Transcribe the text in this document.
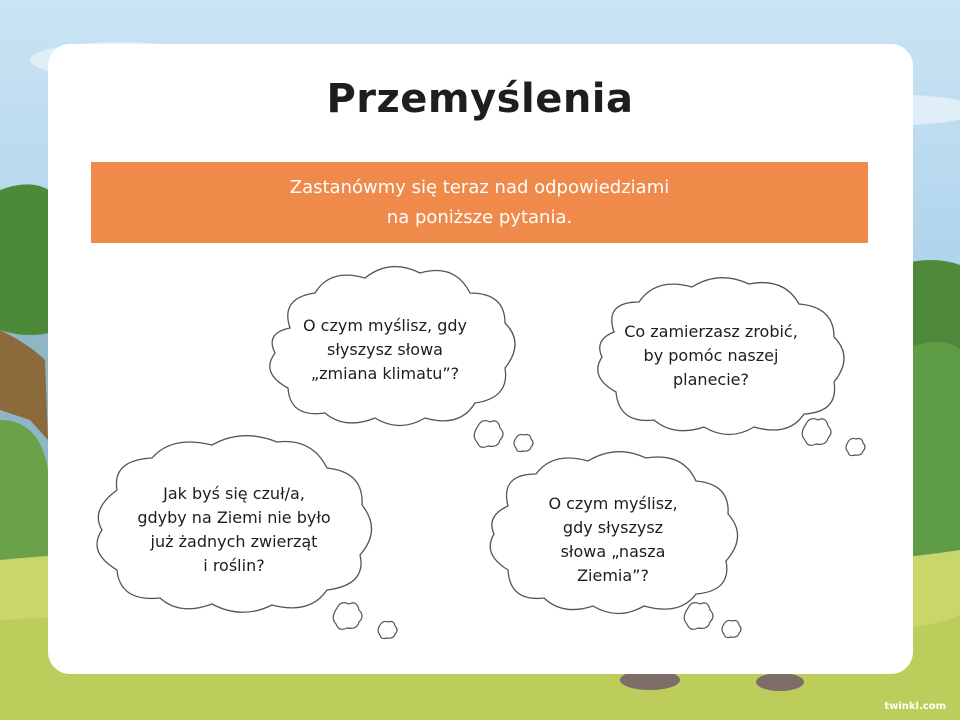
Przemyślenia
Zastanówmy się teraz nad odpowiedziami
na poniższe pytania.
O czym myślisz, gdy
słyszysz słowa
„zmiana klimatu”?
Co zamierzasz zrobić,
by pomóc naszej
planecie?
Jak byś się czuł/a,
gdyby na Ziemi nie było
już żadnych zwierząt
i roślin?
O czym myślisz,
gdy słyszysz
słowa „nasza
Ziemia”?
twinkl.com
